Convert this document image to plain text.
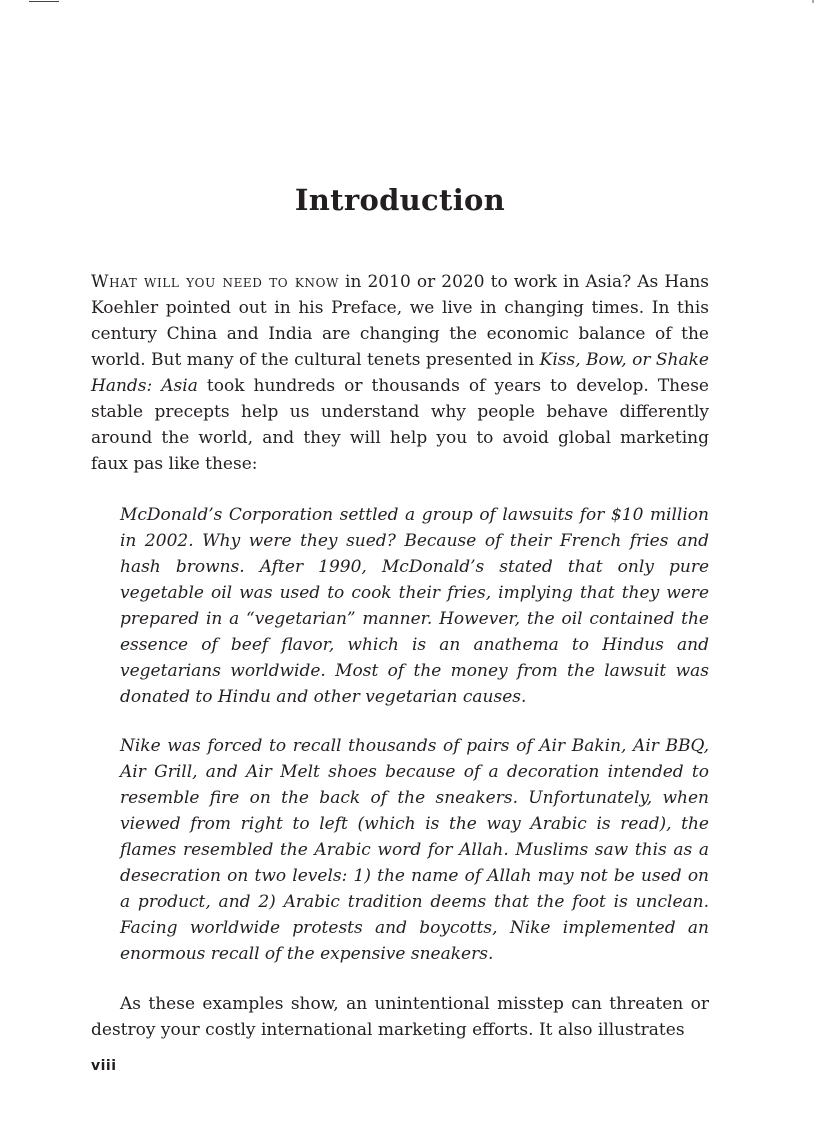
Introduction

What will you need to know in 2010 or 2020 to work in Asia? As Hans Koehler pointed out in his Preface, we live in changing times. In this century China and India are changing the economic balance of the world. But many of the cultural tenets presented in Kiss, Bow, or Shake Hands: Asia took hundreds or thousands of years to develop. These stable precepts help us understand why people behave differently around the world, and they will help you to avoid global marketing faux pas like these:

McDonald’s Corporation settled a group of lawsuits for $10 million in 2002. Why were they sued? Because of their French fries and hash browns. After 1990, McDonald’s stated that only pure vegetable oil was used to cook their fries, implying that they were prepared in a “vegetarian” manner. However, the oil contained the essence of beef flavor, which is an anathema to Hindus and vegetarians worldwide. Most of the money from the lawsuit was donated to Hindu and other vegetarian causes.

Nike was forced to recall thousands of pairs of Air Bakin, Air BBQ, Air Grill, and Air Melt shoes because of a decoration intended to resemble fire on the back of the sneakers. Unfortunately, when viewed from right to left (which is the way Arabic is read), the flames resembled the Arabic word for Allah. Muslims saw this as a desecration on two levels: 1) the name of Allah may not be used on a product, and 2) Arabic tradition deems that the foot is unclean. Facing worldwide protests and boycotts, Nike implemented an enormous recall of the expensive sneakers.

As these examples show, an unintentional misstep can threaten or destroy your costly international marketing efforts. It also illustrates

viii
